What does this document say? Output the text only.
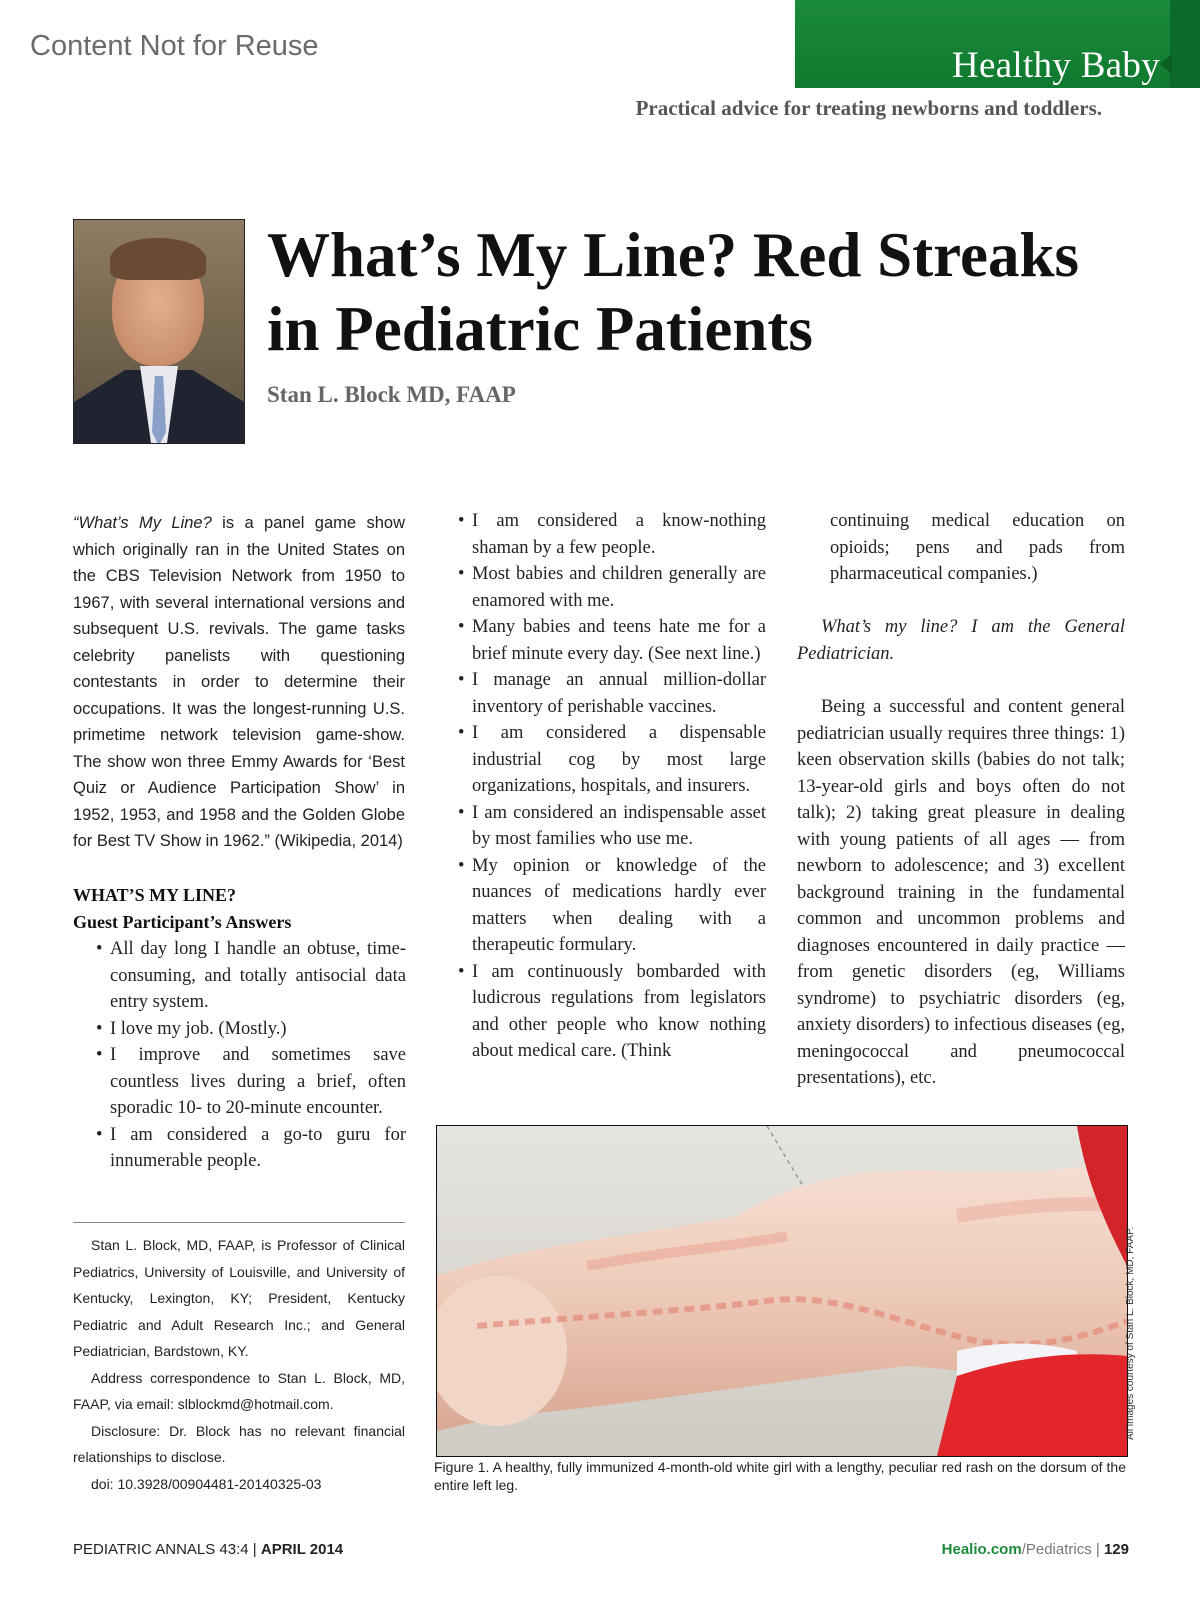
Content Not for Reuse	Healthy Baby
Practical advice for treating newborns and toddlers.
What’s My Line? Red Streaks in Pediatric Patients
Stan L. Block MD, FAAP
“What’s My Line? is a panel game show which originally ran in the United States on the CBS Television Network from 1950 to 1967, with several international versions and subsequent U.S. revivals. The game tasks celebrity panelists with questioning contestants in order to determine their occupations. It was the longest-running U.S. primetime network television game-show. The show won three Emmy Awards for ‘Best Quiz or Audience Participation Show’ in 1952, 1953, and 1958 and the Golden Globe for Best TV Show in 1962.” (Wikipedia, 2014)
WHAT’S MY LINE?
Guest Participant’s Answers
• All day long I handle an obtuse, time-consuming, and totally antisocial data entry system.
• I love my job. (Mostly.)
• I improve and sometimes save countless lives during a brief, often sporadic 10- to 20-minute encounter.
• I am considered a go-to guru for innumerable people.
• I am considered a know-nothing shaman by a few people.
• Most babies and children generally are enamored with me.
• Many babies and teens hate me for a brief minute every day. (See next line.)
• I manage an annual million-dollar inventory of perishable vaccines.
• I am considered a dispensable industrial cog by most large organizations, hospitals, and insurers.
• I am considered an indispensable asset by most families who use me.
• My opinion or knowledge of the nuances of medications hardly ever matters when dealing with a therapeutic formulary.
• I am continuously bombarded with ludicrous regulations from legislators and other people who know nothing about medical care. (Think
continuing medical education on opioids; pens and pads from pharmaceutical companies.)
What’s my line? I am the General Pediatrician.
Being a successful and content general pediatrician usually requires three things: 1) keen observation skills (babies do not talk; 13-year-old girls and boys often do not talk); 2) taking great pleasure in dealing with young patients of all ages — from newborn to adolescence; and 3) excellent background training in the fundamental common and uncommon problems and diagnoses encountered in daily practice — from genetic disorders (eg, Williams syndrome) to psychiatric disorders (eg, anxiety disorders) to infectious diseases (eg, meningococcal and pneumococcal presentations), etc.

Stan L. Block, MD, FAAP, is Professor of Clinical Pediatrics, University of Louisville, and University of Kentucky, Lexington, KY; President, Kentucky Pediatric and Adult Research Inc.; and General Pediatrician, Bardstown, KY.

Address correspondence to Stan L. Block, MD, FAAP, via email: slblockmd@hotmail.com.

Disclosure: Dr. Block has no relevant financial relationships to disclose.

doi: 10.3928/00904481-20140325-03

All images courtesy of Stan L. Block, MD, FAAP.
Figure 1. A healthy, fully immunized 4-month-old white girl with a lengthy, peculiar red rash on the dorsum of the entire left leg.
PEDIATRIC ANNALS 43:4 | APRIL 2014	Healio.com/Pediatrics | 129
